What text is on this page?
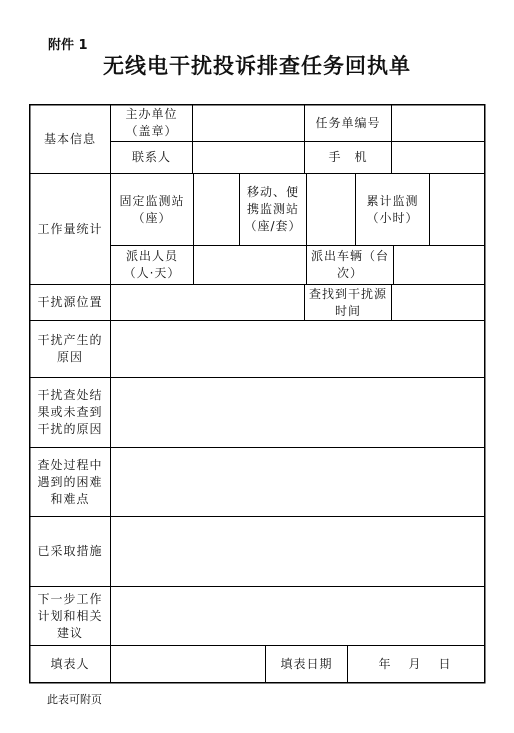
附件 1
无线电干扰投诉排查任务回执单
基本信息
工作量统计
干扰源位置
干扰产生的原因
干扰查处结果或未查到干扰的原因
查处过程中遇到的困难和难点
已采取措施
下一步工作计划和相关建议
填表人
主办单位（盖章）
任务单编号
联系人	手　机
固定监测站（座）
移动、便携监测站（座/套）
累计监测（小时）
派出人员（人·天）
派出车辆（台次）
查找到干扰源时间
填表日期	年　月　日
此表可附页
